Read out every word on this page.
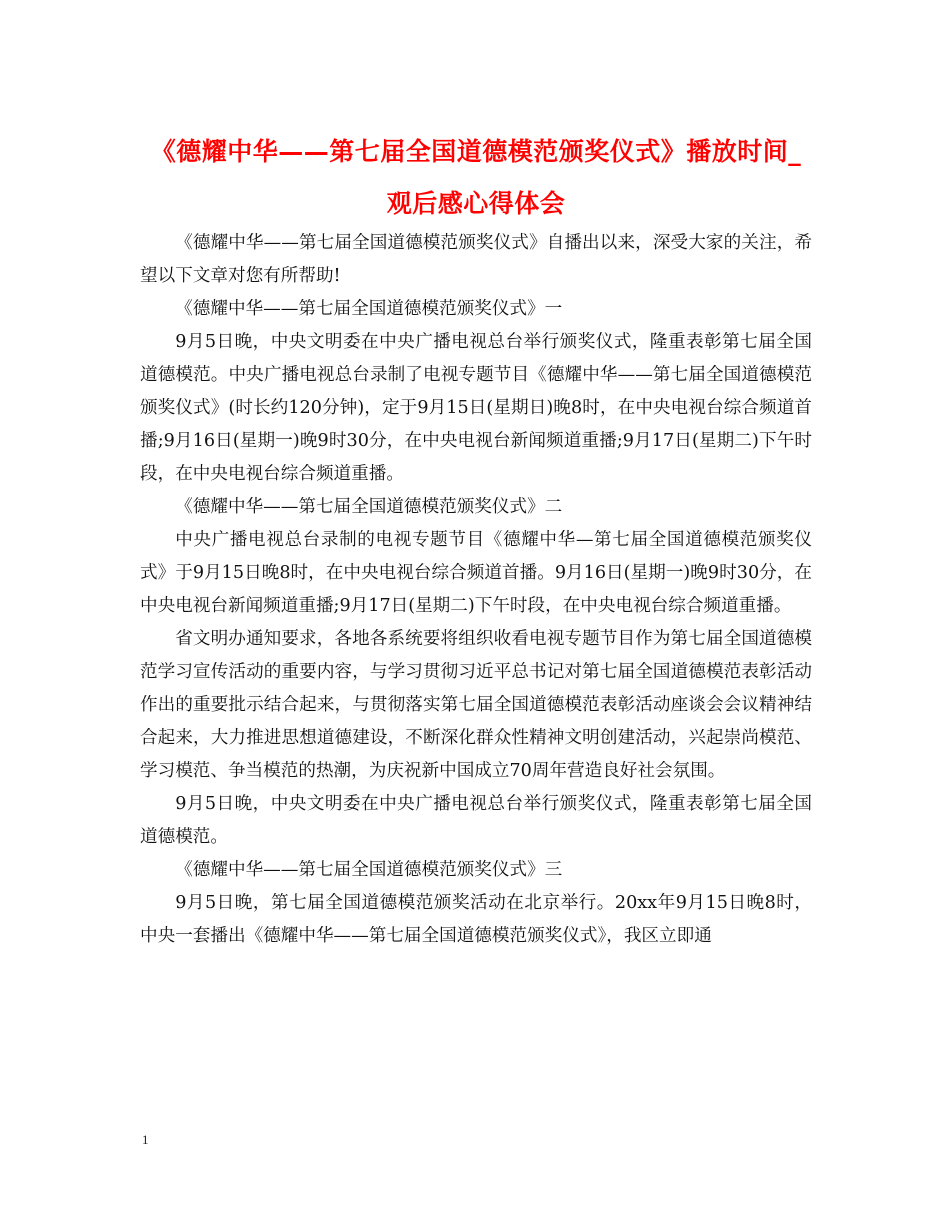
《德耀中华——第七届全国道德模范颁奖仪式》播放时间_观后感心得体会

《德耀中华——第七届全国道德模范颁奖仪式》自播出以来，深受大家的关注，希望以下文章对您有所帮助!

《德耀中华——第七届全国道德模范颁奖仪式》一

9月5日晚，中央文明委在中央广播电视总台举行颁奖仪式，隆重表彰第七届全国道德模范。中央广播电视总台录制了电视专题节目《德耀中华——第七届全国道德模范颁奖仪式》(时长约120分钟)，定于9月15日(星期日)晚8时，在中央电视台综合频道首播;9月16日(星期一)晚9时30分，在中央电视台新闻频道重播;9月17日(星期二)下午时段，在中央电视台综合频道重播。

《德耀中华——第七届全国道德模范颁奖仪式》二

中央广播电视总台录制的电视专题节目《德耀中华—第七届全国道德模范颁奖仪式》于9月15日晚8时，在中央电视台综合频道首播。9月16日(星期一)晚9时30分，在中央电视台新闻频道重播;9月17日(星期二)下午时段，在中央电视台综合频道重播。

省文明办通知要求，各地各系统要将组织收看电视专题节目作为第七届全国道德模范学习宣传活动的重要内容，与学习贯彻习近平总书记对第七届全国道德模范表彰活动作出的重要批示结合起来，与贯彻落实第七届全国道德模范表彰活动座谈会会议精神结合起来，大力推进思想道德建设，不断深化群众性精神文明创建活动，兴起崇尚模范、学习模范、争当模范的热潮，为庆祝新中国成立70周年营造良好社会氛围。

9月5日晚，中央文明委在中央广播电视总台举行颁奖仪式，隆重表彰第七届全国道德模范。

《德耀中华——第七届全国道德模范颁奖仪式》三

9月5日晚，第七届全国道德模范颁奖活动在北京举行。20xx年9月15日晚8时，中央一套播出《德耀中华——第七届全国道德模范颁奖仪式》，我区立即通

1
